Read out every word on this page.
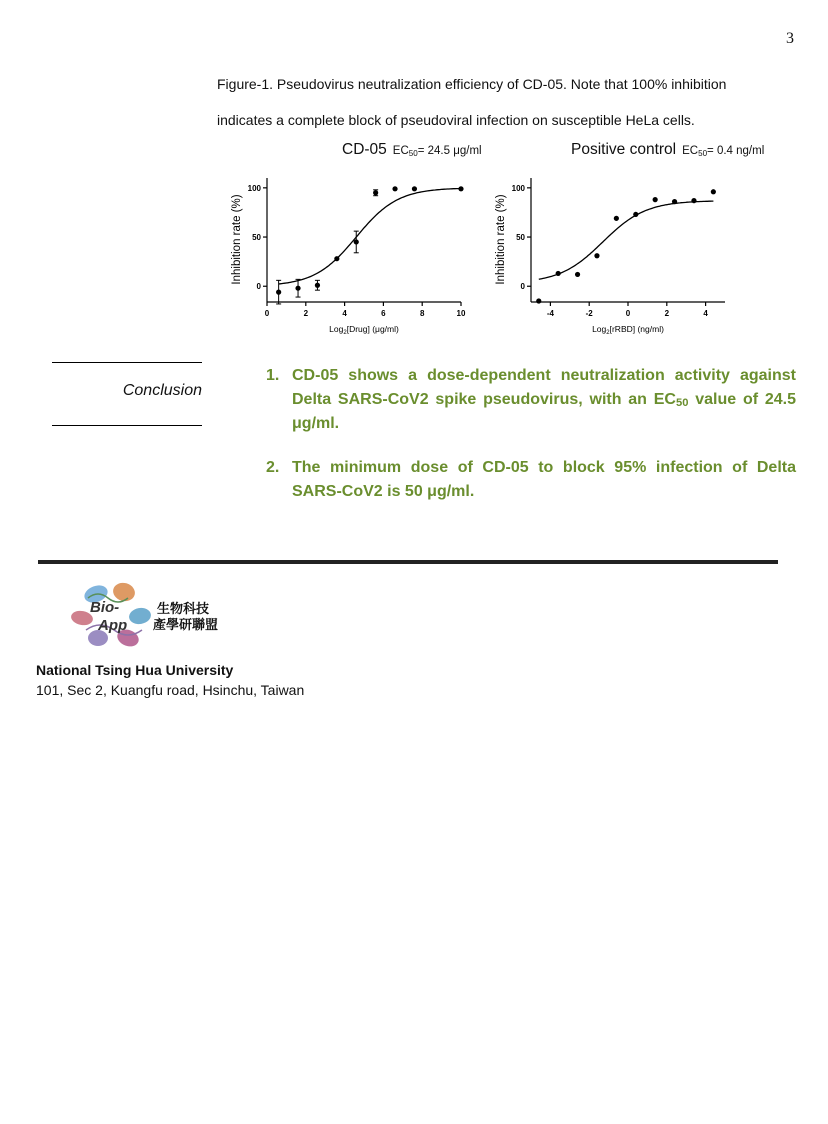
3

Figure-1. Pseudovirus neutralization efficiency of CD-05. Note that 100% inhibition

indicates a complete block of pseudoviral infection on susceptible HeLa cells.

CD-05 $EC_{50}= 24.5$ μg/ml	Positive control $EC_{50}= 0.4$ ng/ml
0
50
100
0	2	4	6	8	10
Inhibition rate (%)
Log$_2$[Drug] (μg/ml)
0
50
100
-4	-2	0	2	4
Inhibition rate (%)
Log$_2$[rRBD] (ng/ml)
Conclusion
1. CD-05 shows a dose-dependent neutralization activity against Delta SARS-CoV2 spike pseudovirus, with an $EC_{50}$ value of 24.5 μg/ml.
2. The minimum dose of CD-05 to block 95% infection of Delta SARS-CoV2 is 50 μg/ml.
Bio-
App
生物科技
產學研聯盟
National Tsing Hua University
101, Sec 2, Kuangfu road, Hsinchu, Taiwan
